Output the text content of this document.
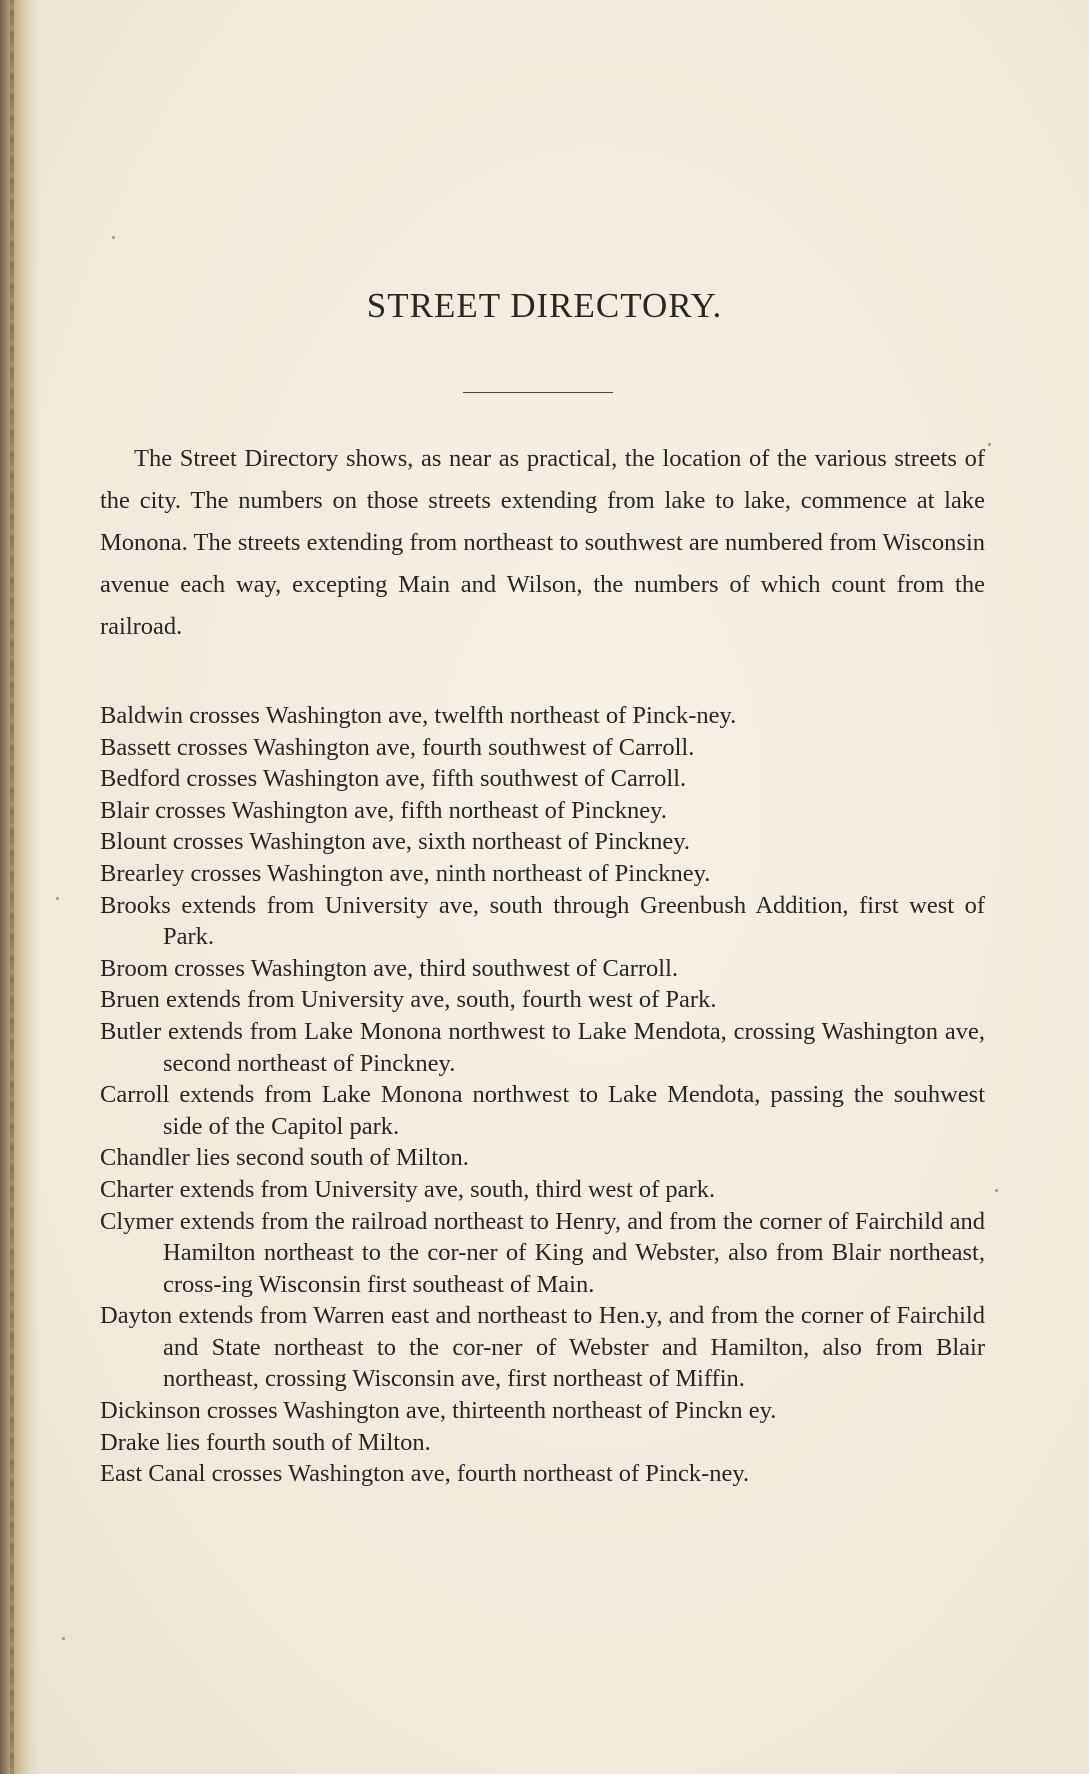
STREET DIRECTORY.

The Street Directory shows, as near as practical, the location of the various streets of the city. The numbers on those streets extending from lake to lake, commence at lake Monona. The streets extending from northeast to southwest are numbered from Wisconsin avenue each way, excepting Main and Wilson, the numbers of which count from the railroad.

Baldwin crosses Washington ave, twelfth northeast of Pinck-ney.
Bassett crosses Washington ave, fourth southwest of Carroll.
Bedford crosses Washington ave, fifth southwest of Carroll.
Blair crosses Washington ave, fifth northeast of Pinckney.
Blount crosses Washington ave, sixth northeast of Pinckney.
Brearley crosses Washington ave, ninth northeast of Pinckney.
Brooks extends from University ave, south through Greenbush Addition, first west of Park.
Broom crosses Washington ave, third southwest of Carroll.
Bruen extends from University ave, south, fourth west of Park.
Butler extends from Lake Monona northwest to Lake Mendota, crossing Washington ave, second northeast of Pinckney.
Carroll extends from Lake Monona northwest to Lake Mendota, passing the souhwest side of the Capitol park.
Chandler lies second south of Milton.
Charter extends from University ave, south, third west of park.
Clymer extends from the railroad northeast to Henry, and from the corner of Fairchild and Hamilton northeast to the cor-ner of King and Webster, also from Blair northeast, cross-ing Wisconsin first southeast of Main.
Dayton extends from Warren east and northeast to Hen.y, and from the corner of Fairchild and State northeast to the cor-ner of Webster and Hamilton, also from Blair northeast, crossing Wisconsin ave, first northeast of Miffin.
Dickinson crosses Washington ave, thirteenth northeast of Pinckn ey.
Drake lies fourth south of Milton.
East Canal crosses Washington ave, fourth northeast of Pinck-ney.
